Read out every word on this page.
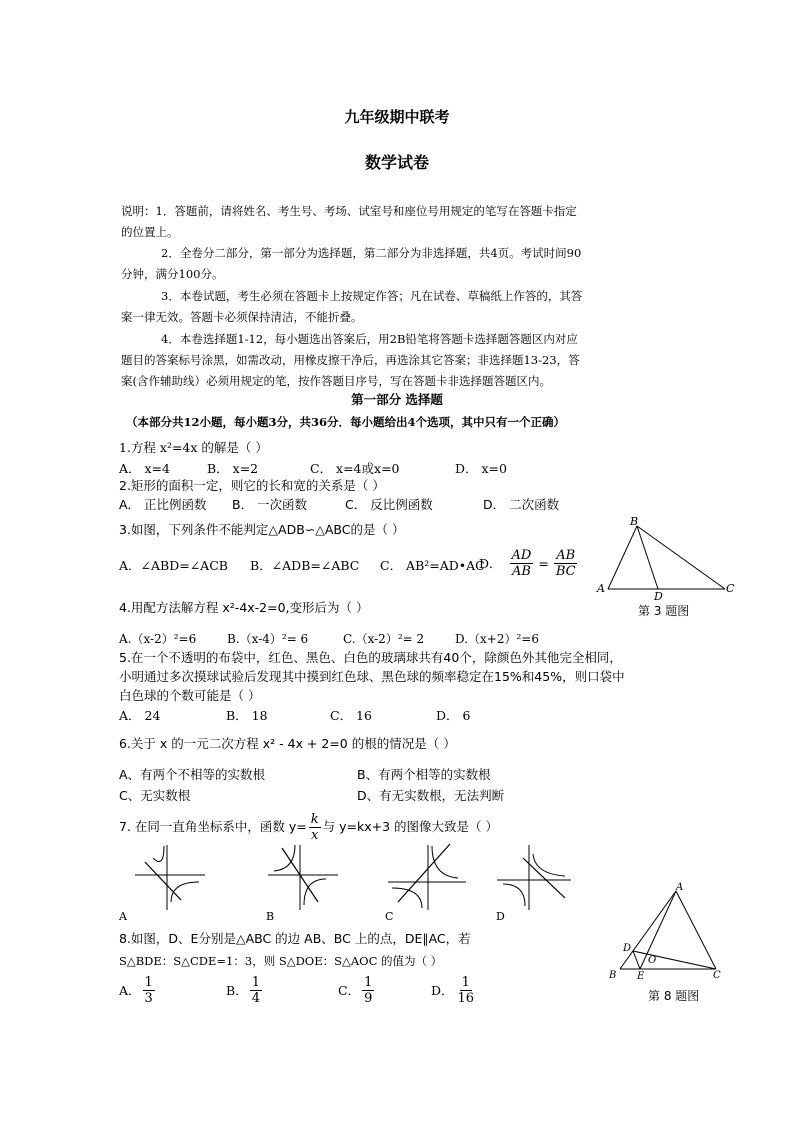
九年级期中联考
数学试卷
说明：1．答题前，请将姓名、考生号、考场、试室号和座位号用规定的笔写在答题卡指定
的位置上。
2．全卷分二部分，第一部分为选择题，第二部分为非选择题，共4页。考试时间90
分钟，满分100分。
3．本卷试题，考生必须在答题卡上按规定作答；凡在试卷、草稿纸上作答的，其答
案一律无效。答题卡必须保持清洁，不能折叠。
4．本卷选择题1-12，每小题选出答案后，用2B铅笔将答题卡选择题答题区内对应
题目的答案标号涂黑，如需改动，用橡皮擦干净后，再选涂其它答案；非选择题13-23，答
案(含作辅助线）必须用规定的笔，按作答题目序号，写在答题卡非选择题答题区内。
第一部分 选择题
（本部分共12小题，每小题3分，共36分．每小题给出4个选项，其中只有一个正确）
1.方程 x²=4x 的解是（ ）
A． x=4	B． x=2	C． x=4或x=0	D． x=0
2.矩形的面积一定，则它的长和宽的关系是（ ）
A． 正比例函数 B． 一次函数	C． 反比例函数	D． 二次函数
3.如图，下列条件不能判定△ADB∽△ABC的是（ ）
A．∠ABD=∠ACB B．∠ADB=∠ABC C． AB²=AD•AC
D． $\frac{AD}{AB} = \frac{AB}{BC}$
B
A
D
C
第 3 题图
4.用配方法解方程 x²-4x-2=0,变形后为（ ）
A.（x-2）²=6	B.（x-4）²= 6	C.（x-2）²= 2	D.（x+2）²=6
5.在一个不透明的布袋中，红色、黑色、白色的玻璃球共有40个，除颜色外其他完全相同，
小明通过多次摸球试验后发现其中摸到红色球、黑色球的频率稳定在15%和45%，则口袋中
白色球的个数可能是（ ）
A． 24	B． 18	C． 16	D． 6
6.关于 x 的一元二次方程 x² - 4x + 2=0 的根的情况是（ ）
A、有两个不相等的实数根	B、有两个相等的实数根
C、无实数根	D、有无实数根，无法判断
7. 在同一直角坐标系中，函数 $y= \frac{k}{x}$ 与 y=kx+3 的图像大致是（ ）
A	B	C	D
8.如图，D、E分别是△ABC 的边 AB、BC 上的点，DE∥AC，若
S△BDE：S△CDE=1：3，则 S△DOE：S△AOC 的值为（ ）
A． $\frac{1}{3}$	B． $\frac{1}{4}$	C． $\frac{1}{9}$	D． $\frac{1}{16}$
A
D
O
B E	C
第 8 题图
